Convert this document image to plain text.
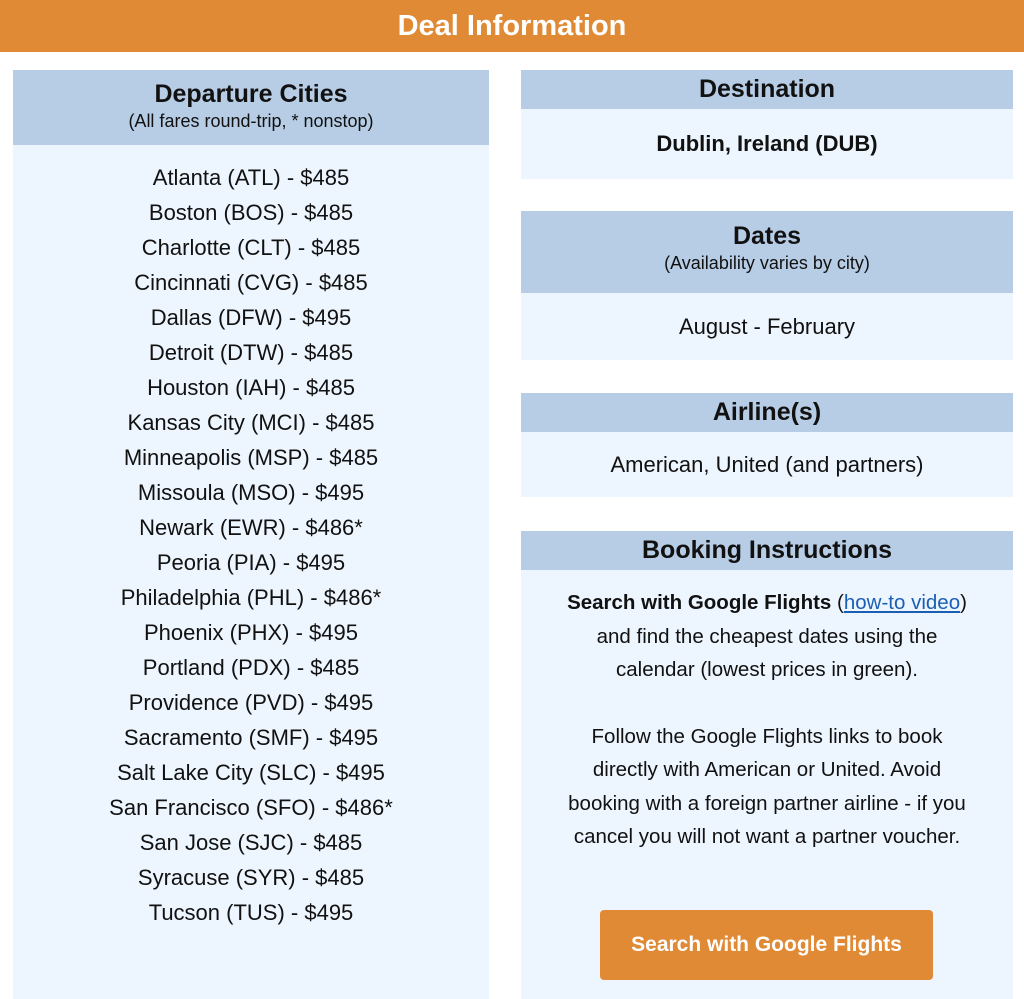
Deal Information
Departure Cities
(All fares round-trip, * nonstop)
Atlanta (ATL) - $485
Boston (BOS) - $485
Charlotte (CLT) - $485
Cincinnati (CVG) - $485
Dallas (DFW) - $495
Detroit (DTW) - $485
Houston (IAH) - $485
Kansas City (MCI) - $485
Minneapolis (MSP) - $485
Missoula (MSO) - $495
Newark (EWR) - $486*
Peoria (PIA) - $495
Philadelphia (PHL) - $486*
Phoenix (PHX) - $495
Portland (PDX) - $485
Providence (PVD) - $495
Sacramento (SMF) - $495
Salt Lake City (SLC) - $495
San Francisco (SFO) - $486*
San Jose (SJC) - $485
Syracuse (SYR) - $485
Tucson (TUS) - $495
Destination
Dublin, Ireland (DUB)
Dates
(Availability varies by city)
August - February
Airline(s)
American, United (and partners)
Booking Instructions

Search with Google Flights (how-to video) and find the cheapest dates using the calendar (lowest prices in green).

Follow the Google Flights links to book directly with American or United. Avoid booking with a foreign partner airline - if you cancel you will not want a partner voucher.

Search with Google Flights
